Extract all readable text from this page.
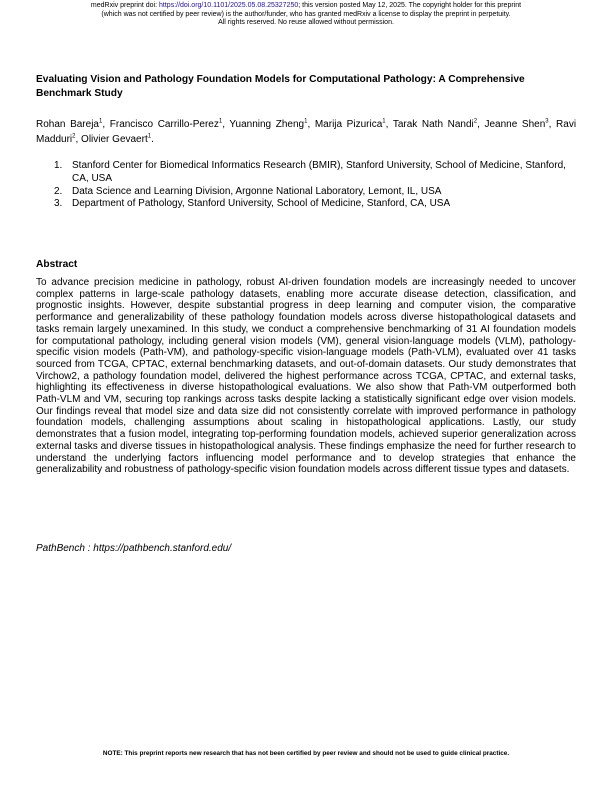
medRxiv preprint doi: https://doi.org/10.1101/2025.05.08.25327250; this version posted May 12, 2025. The copyright holder for this preprint
(which was not certified by peer review) is the author/funder, who has granted medRxiv a license to display the preprint in perpetuity.
All rights reserved. No reuse allowed without permission.
Evaluating Vision and Pathology Foundation Models for Computational Pathology: A Comprehensive Benchmark Study
Rohan Bareja$^1$, Francisco Carrillo-Perez$^1$, Yuanning Zheng$^1$, Marija Pizurica$^1$, Tarak Nath Nandi$^2$, Jeanne Shen$^3$, Ravi Madduri$^2$, Olivier Gevaert$^1$.
1. Stanford Center for Biomedical Informatics Research (BMIR), Stanford University, School of Medicine, Stanford, CA, USA
2. Data Science and Learning Division, Argonne National Laboratory, Lemont, IL, USA
3. Department of Pathology, Stanford University, School of Medicine, Stanford, CA, USA
Abstract

To advance precision medicine in pathology, robust AI-driven foundation models are increasingly needed to uncover complex patterns in large-scale pathology datasets, enabling more accurate disease detection, classification, and prognostic insights. However, despite substantial progress in deep learning and computer vision, the comparative performance and generalizability of these pathology foundation models across diverse histopathological datasets and tasks remain largely unexamined. In this study, we conduct a comprehensive benchmarking of 31 AI foundation models for computational pathology, including general vision models (VM), general vision-language models (VLM), pathology-specific vision models (Path-VM), and pathology-specific vision-language models (Path-VLM), evaluated over 41 tasks sourced from TCGA, CPTAC, external benchmarking datasets, and out-of-domain datasets. Our study demonstrates that Virchow2, a pathology foundation model, delivered the highest performance across TCGA, CPTAC, and external tasks, highlighting its effectiveness in diverse histopathological evaluations. We also show that Path-VM outperformed both Path-VLM and VM, securing top rankings across tasks despite lacking a statistically significant edge over vision models. Our findings reveal that model size and data size did not consistently correlate with improved performance in pathology foundation models, challenging assumptions about scaling in histopathological applications. Lastly, our study demonstrates that a fusion model, integrating top-performing foundation models, achieved superior generalization across external tasks and diverse tissues in histopathological analysis. These findings emphasize the need for further research to understand the underlying factors influencing model performance and to develop strategies that enhance the generalizability and robustness of pathology-specific vision foundation models across different tissue types and datasets.

PathBench : https://pathbench.stanford.edu/
NOTE: This preprint reports new research that has not been certified by peer review and should not be used to guide clinical practice.
